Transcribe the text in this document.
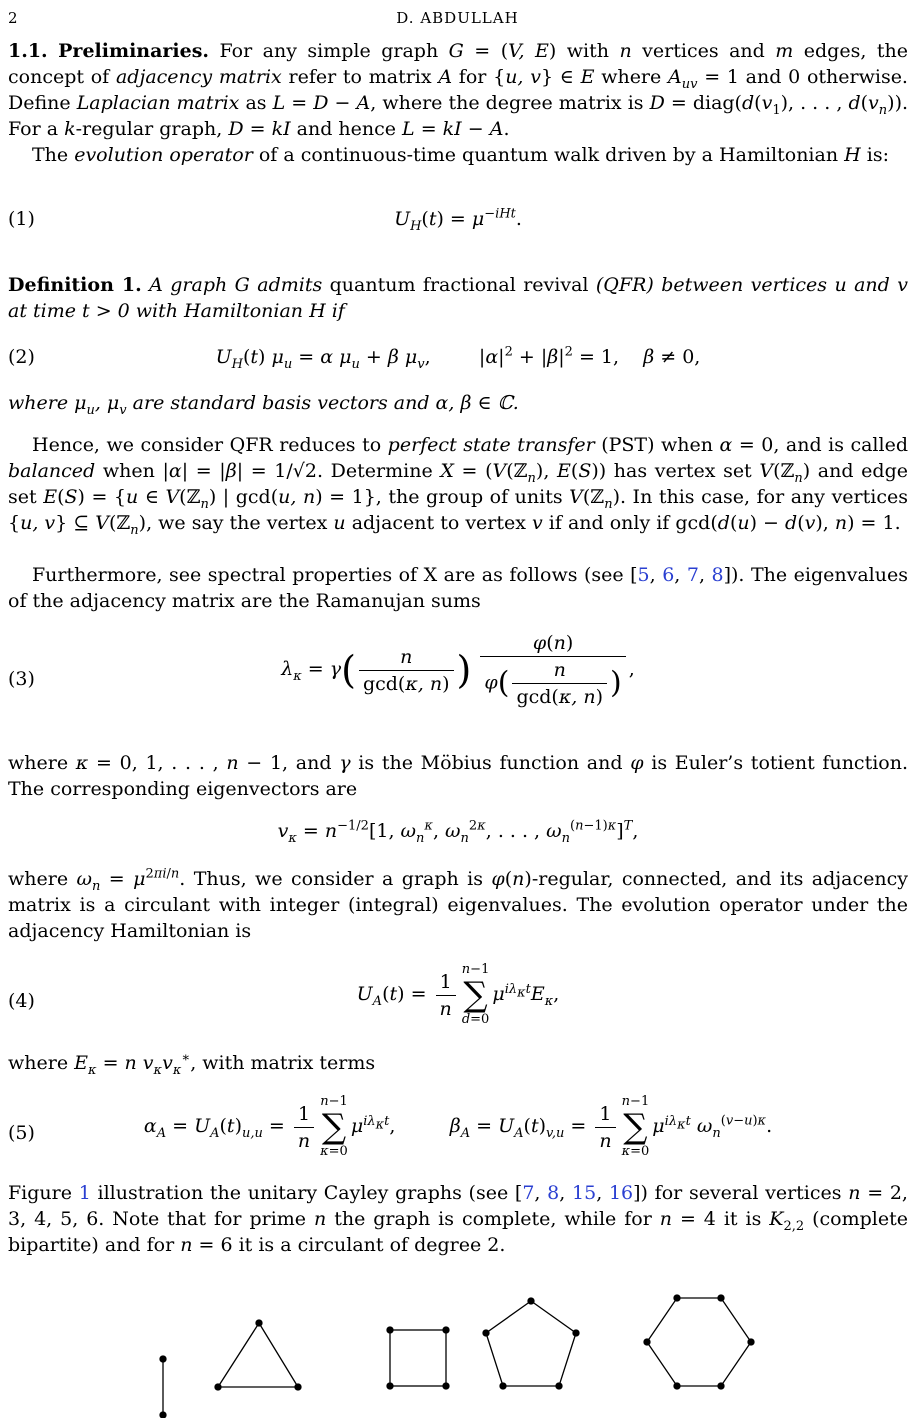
2	D. ABDULLAH

1.1. Preliminaries. For any simple graph G = (V, E) with n vertices and m edges, the concept of adjacency matrix refer to matrix A for {u, v} ∈ E where $A_{uv} = 1$ and 0 otherwise. Define Laplacian matrix as L = D − A, where the degree matrix is $D = diag(d(v_1)$, . . . , $d(v_n)$). For a k-regular graph, D = kI and hence L = kI − A.

The evolution operator of a continuous-time quantum walk driven by a Hamiltonian H is:

(1)	$U_H(t) = \mu^{-iHt}$.

Definition 1. A graph G admits quantum fractional revival (QFR) between vertices u and v at time t > 0 with Hamiltonian H if

(2)	$U_H(t) \mu_u = \alpha$ $\mu_u + \beta$ $\mu_v$,        $|\alpha|^2 + |\beta|^2 = 1$,    β ≠ 0,

where $\mu_u$, $\mu_v$ are standard basis vectors and α, β ∈ ℂ.

Hence, we consider QFR reduces to perfect state transfer (PST) when α = 0, and is called balanced when |α| = |β| = 1/√2. Determine X = (V(ℤ$_n$), E(S)) has vertex set V(ℤ$_n$) and edge set E(S) = {u ∈ V(ℤ$_n$) | gcd(u, n) = 1}, the group of units V(ℤ$_n$). In this case, for any vertices {u, v} ⊆ V(ℤ$_n$), we say the vertex u adjacent to vertex v if and only if gcd(d(u) − d(v), n) = 1.

Furthermore, see spectral properties of X are as follows (see [5, 6, 7, 8]). The eigenvalues of the adjacency matrix are the Ramanujan sums

(3)	$\lambda_\kappa = \gamma( \frac{n}{\gcd(\kappa, n)}$ ) $\frac{\varphi(n)}{\varphi( \frac{n}{\gcd(\kappa, n)} )}$ ,

where κ = 0, 1, . . . , n − 1, and γ is the Möbius function and φ is Euler’s totient function. The corresponding eigenvectors are

$v_\kappa = n^{-1/2}[1$, $\omega_n^\kappa$, $\omega_n^{2\kappa}$, . . . , $\omega_n^{(n-1)\kappa}]^T$,

where $\omega_n = \mu^{2\pi i/n}$. Thus, we consider a graph is φ(n)-regular, connected, and its adjacency matrix is a circulant with integer (integral) eigenvalues. The evolution operator under the adjacency Hamiltonian is

(4)	$U_A(t) = \frac{1}{n} n-1$
∑
d=0
$\mu^{i\lambda_\kappa t}E_\kappa$,

where $E_\kappa = n$ $v_\kappa v_\kappa^∗$, with matrix terms

(5)	$\alpha_A = U_A(t)_{u,u} = \frac{1}{n} n-1$
∑
κ=0
$\mu^{i\lambda_\kappa t}$,         $\beta_A = U_A(t)_{v,u} = \frac{1}{n} n-1$
∑
κ=0
$\mu^{i\lambda_\kappa t}$ $\omega_n^{(v-u)\kappa}$.

Figure 1 illustration the unitary Cayley graphs (see [7, 8, 15, 16]) for several vertices n = 2, 3, 4, 5, 6. Note that for prime n the graph is complete, while for n = 4 it is $K_{2,2}$ (complete bipartite) and for n = 6 it is a circulant of degree 2.
